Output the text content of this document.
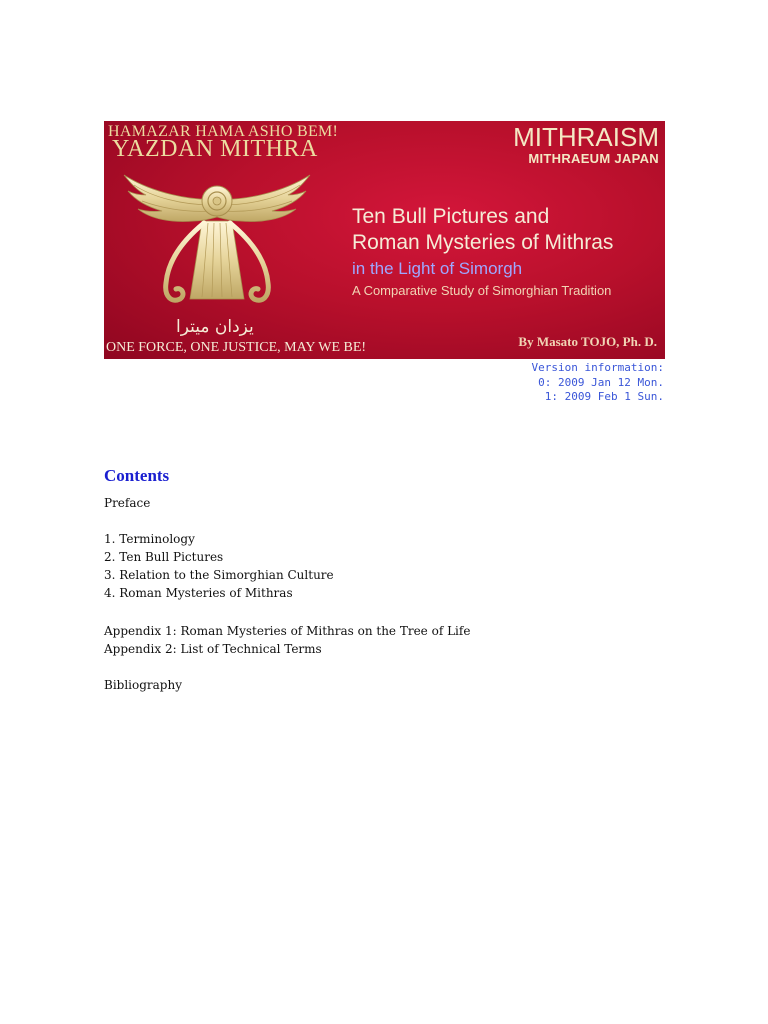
HAMAZAR HAMA ASHO BEM!
YAZDAN MITHRA	MITHRAISM
MITHRAEUM JAPAN
Ten Bull Pictures and
Roman Mysteries of Mithras
in the Light of Simorgh
A Comparative Study of Simorghian Tradition
یزدان میترا
ONE FORCE, ONE JUSTICE, MAY WE BE!	By Masato TOJO, Ph. D.
Version information:
0: 2009 Jan 12 Mon.
1: 2009 Feb 1 Sun.
Contents
Preface
1. Terminology
2. Ten Bull Pictures
3. Relation to the Simorghian Culture
4. Roman Mysteries of Mithras
Appendix 1: Roman Mysteries of Mithras on the Tree of Life
Appendix 2: List of Technical Terms
Bibliography
